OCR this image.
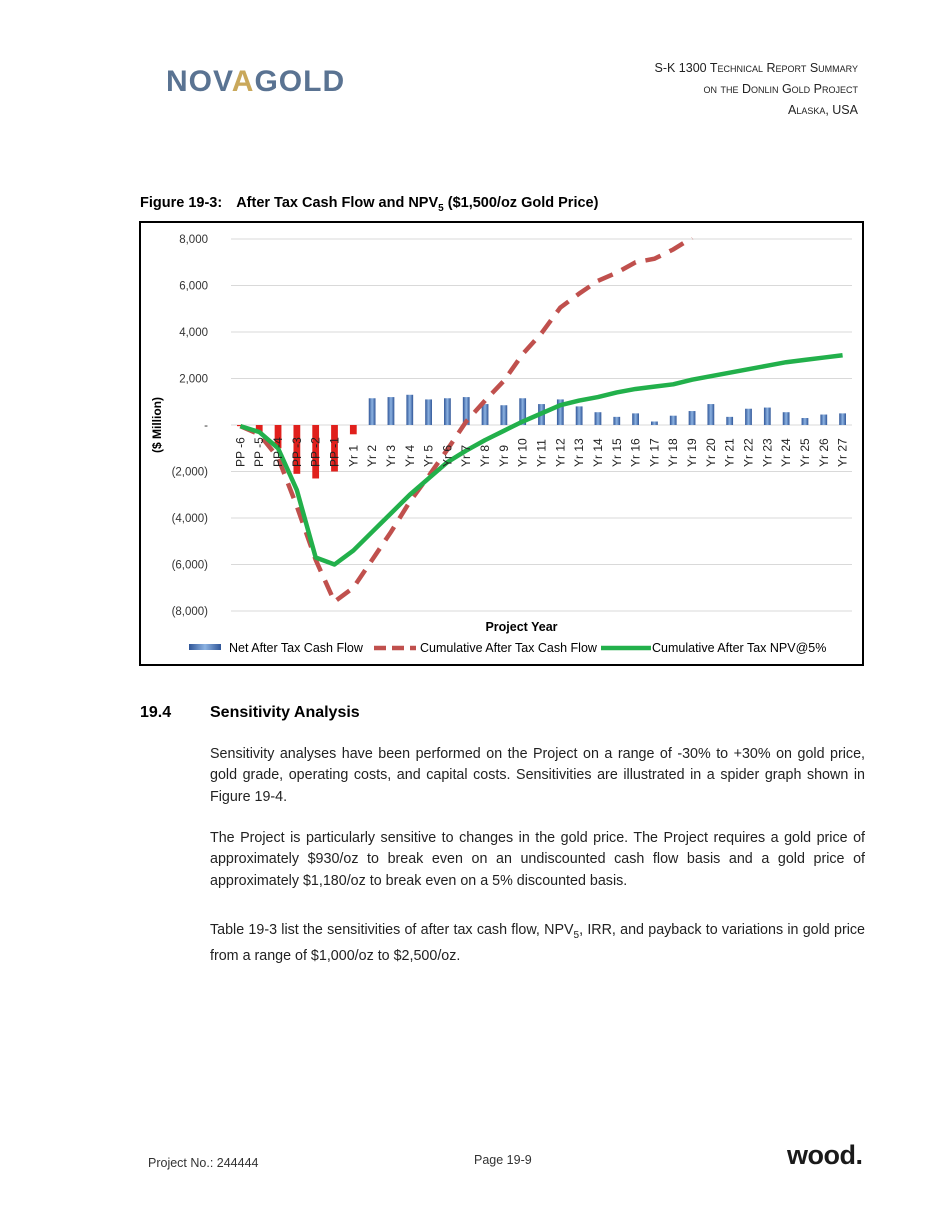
NOVAGOLD	S-K 1300 Technical Report Summary
on the Donlin Gold Project
Alaska, USA
Figure 19-3: After Tax Cash Flow and $NPV_5$ ($1,500/oz Gold Price)
8,000
6,000
4,000
2,000
-
(2,000)
(4,000)
(6,000)
(8,000)
($ Million)	PP -6 PP -5 PP -4 PP -3 PP -2 PP -1 Yr 1 Yr 2 Yr 3 Yr 4 Yr 5 Yr 6 Yr 7 Yr 8 Yr 9 Yr 10 Yr 11 Yr 12 Yr 13 Yr 14 Yr 15 Yr 16 Yr 17 Yr 18 Yr 19 Yr 20 Yr 21 Yr 22 Yr 23 Yr 24 Yr 25 Yr 26 Yr 27
Project Year
Net After Tax Cash Flow	Cumulative After Tax Cash Flow	Cumulative After Tax NPV@5%
19.4 Sensitivity Analysis
Sensitivity analyses have been performed on the Project on a range of -30% to +30% on gold price, gold grade, operating costs, and capital costs. Sensitivities are illustrated in a spider graph shown in Figure 19-4.
The Project is particularly sensitive to changes in the gold price. The Project requires a gold price of approximately $930/oz to break even on an undiscounted cash flow basis and a gold price of approximately $1,180/oz to break even on a 5% discounted basis.
Table 19-3 list the sensitivities of after tax cash flow, $NPV_5$, IRR, and payback to variations in gold price from a range of $1,000/oz to $2,500/oz.
Project No.: 244444	Page 19-9	wood.
